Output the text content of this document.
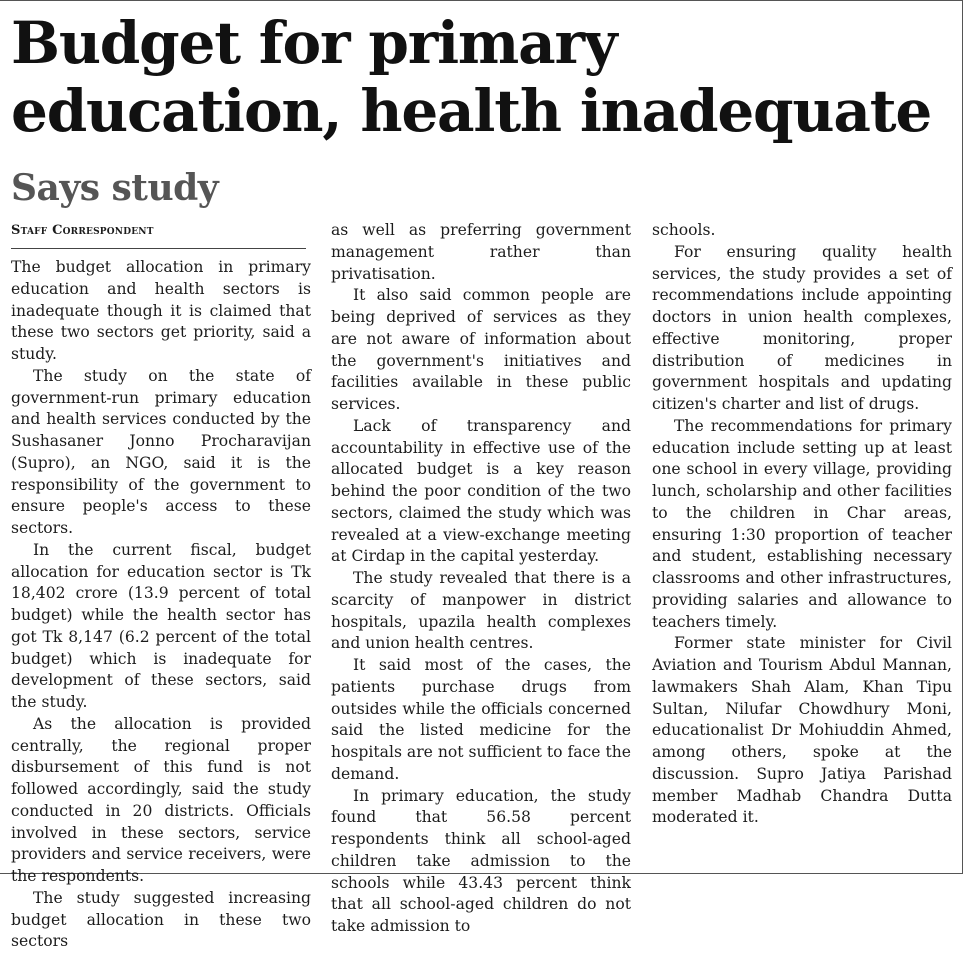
Budget for primary education, health inadequate
Says study
Staff Correspondent

The budget allocation in primary education and health sectors is inadequate though it is claimed that these two sectors get priority, said a study.

The study on the state of government-run primary education and health services conducted by the Sushasaner Jonno Procharavijan (Supro), an NGO, said it is the responsibility of the government to ensure people's access to these sectors.

In the current fiscal, budget allocation for education sector is Tk 18,402 crore (13.9 percent of total budget) while the health sector has got Tk 8,147 (6.2 percent of the total budget) which is inadequate for development of these sectors, said the study.

As the allocation is provided centrally, the regional proper disbursement of this fund is not followed accordingly, said the study conducted in 20 districts. Officials involved in these sectors, service providers and service receivers, were the respondents.

The study suggested increasing budget allocation in these two sectors

as well as preferring government management rather than privatisation.

It also said common people are being deprived of services as they are not aware of information about the government's initiatives and facilities available in these public services.

Lack of transparency and accountability in effective use of the allocated budget is a key reason behind the poor condition of the two sectors, claimed the study which was revealed at a view-exchange meeting at Cirdap in the capital yesterday.

The study revealed that there is a scarcity of manpower in district hospitals, upazila health complexes and union health centres.

It said most of the cases, the patients purchase drugs from outsides while the officials concerned said the listed medicine for the hospitals are not sufficient to face the demand.

In primary education, the study found that 56.58 percent respondents think all school-aged children take admission to the schools while 43.43 percent think that all school-aged children do not take admission to

schools.

For ensuring quality health services, the study provides a set of recommendations include appointing doctors in union health complexes, effective monitoring, proper distribution of medicines in government hospitals and updating citizen's charter and list of drugs.

The recommendations for primary education include setting up at least one school in every village, providing lunch, scholarship and other facilities to the children in Char areas, ensuring 1:30 proportion of teacher and student, establishing necessary classrooms and other infrastructures, providing salaries and allowance to teachers timely.

Former state minister for Civil Aviation and Tourism Abdul Mannan, lawmakers Shah Alam, Khan Tipu Sultan, Nilufar Chowdhury Moni, educationalist Dr Mohiuddin Ahmed, among others, spoke at the discussion. Supro Jatiya Parishad member Madhab Chandra Dutta moderated it.
